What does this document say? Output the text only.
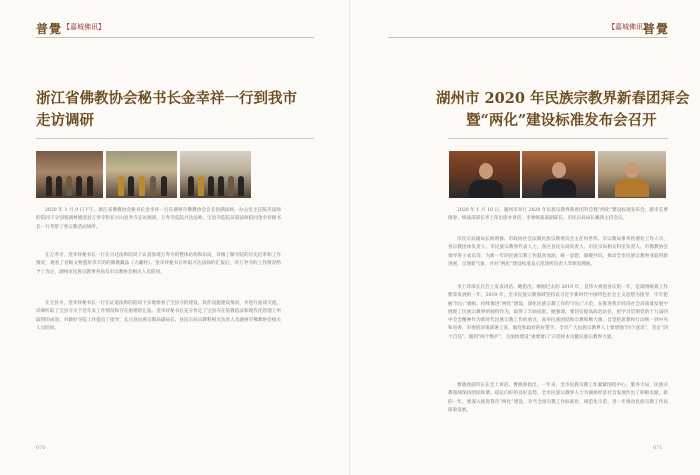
普覺 【嘉城佛讯】
浙江省佛教协会秘书长金幸祥一行到我市
走访调研

2020 年 1 月 9 日下午，浙江省佛教协会秘书长金幸祥一行在湖州市佛教协会会长悟满法师、办公室主任陈杰法师的陪同下分别到湖州德清县万寿寺和长兴山县寿寺走访调研，万寿寺监院兴达法师、宝县寺监院证道法师陪同金幸祥秘书长一行考察了各宗教活动场所。

在万寿寺，金幸祥秘书长一行在兴达法师陪同下认真参观万寿寺的整体结构和布局，详细了解寺院的历史沿革和工作情况，观看了省级文物遗址等丰的的佛教藏品《大藏经》。金幸祥秘书长听取兴达法师的汇报后，对万寿寺的工作情况给予了肯定，湖州市民族宗教事务局及市宗教协会相关人员陪同。

在宝县寺，金幸祥秘书长一行在证道法师的陪同下实地察看了宝县寺的建设、软件设施建设情况，并进行座谈交流，详细听取了宝县寺关于近年来工作情况和存在困难的汇报。金幸祥秘书长充分肯定了宝县寺在依教依法和现代化管理上所取得的成效，对做好寺院工作提出了指导，长兴县民族宗教局副局长、县民宗局宗教科相关负责人及湖州市佛教协会相关人员陪同。

070
【嘉城佛讯】
普覺
湖州市 2020 年民族宗教界新春团拜会
暨“两化”建设标准发布会召开

2020 年 1 月 10 日，湖州市举行 2020 年民族宗教界新春团拜会暨“两化”建设标准发布会，副市长曹晓春、统战部部长李上萍出席并讲话，市委统战部副部长、市民宗局局长戴鸿主持会议。

市民宗局副局长杨利群、市政协社会法制民族宗教委员会主任何世伟，市宗教局事务管理处工作人员、各宗教团体负责人、市民族宗教界代表人士，各区县民宗局负责人、市民宗局相关科室负责人、市佛教协会领导班子成员等，为新一年的民族宗教工作鼓劲加油，统一思想，凝聚共识，推动全市民族宗教事业取得新进展、呈现新气象，并对“两化”建设标准及示范场所负责人等颁发牌匾。

李上萍部长在会上发表讲话。她指出，刚刚过去的 2019 年，是伟大祖国喜庆的一年，是湖州统战工作繁荣发展的一年，2019 年，全市民族宗教领域坚持以习近平新时代中国特色社会主义思想为指导，牢牢把握“同心”旗帜，持续推进“两化”建设，深化民族宗教工作的“同心”示范，在推进我市经济社会高质量发展中展现了民族宗教界的独特作为，取得了丰硕成果。她强调，要切实提高政治站位，把学习贯彻党的十九届四中全会精神作为新时代民族宗教工作的重点，高举民族团结和宗教和顺大旗，自觉把思想和行动统一到中央和省委、市委的决策部署上来，做党和政府的好帮手。全市广大民族宗教界人士要增强“四个意识”，坚定“四个自信”，做到“两个维护”，为加快建设“重要窗口”示范样本贡献民族宗教界力量。

曹晓春副市长在会上讲话。曹晓春指出，一年来，全市民族宗教工作紧紧围绕中心、服务大局，民族宗教领域保持团结和谐、稳定向好的良好态势，全市民族宗教界人士为湖州经济社会发展作出了积极贡献，新的一年，要深入推进我市“两化”建设，争当全国宗教工作标准化、规范化示范，进一步推动民族宗教工作高质量发展。

071
